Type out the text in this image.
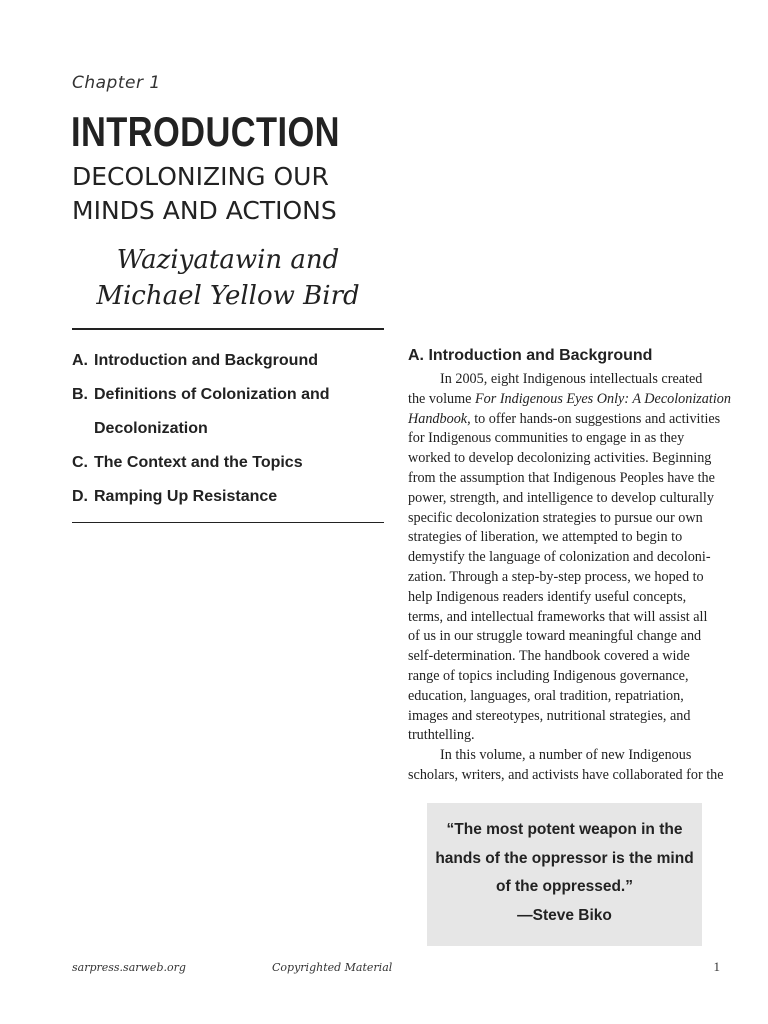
Chapter 1
INTRODUCTION
DECOLONIZING OUR
MINDS AND ACTIONS
Waziyatawin and
Michael Yellow Bird
A. Introduction and Background
B. Definitions of Colonization and
Decolonization
C. The Context and the Topics
D. Ramping Up Resistance
A. Introduction and Background
In 2005, eight Indigenous intellectuals created
the volume For Indigenous Eyes Only: A Decolonization
Handbook, to offer hands-on suggestions and activities
for Indigenous communities to engage in as they
worked to develop decolonizing activities. Beginning
from the assumption that Indigenous Peoples have the
power, strength, and intelligence to develop culturally
specific decolonization strategies to pursue our own
strategies of liberation, we attempted to begin to
demystify the language of colonization and decoloni-
zation. Through a step-by-step process, we hoped to
help Indigenous readers identify useful concepts,
terms, and intellectual frameworks that will assist all
of us in our struggle toward meaningful change and
self-determination. The handbook covered a wide
range of topics including Indigenous governance,
education, languages, oral tradition, repatriation,
images and stereotypes, nutritional strategies, and
truthtelling.
In this volume, a number of new Indigenous
scholars, writers, and activists have collaborated for the
“The most potent weapon in the
hands of the oppressor is the mind
of the oppressed.”
—Steve Biko
sarpress.sarweb.org	Copyrighted Material	1
